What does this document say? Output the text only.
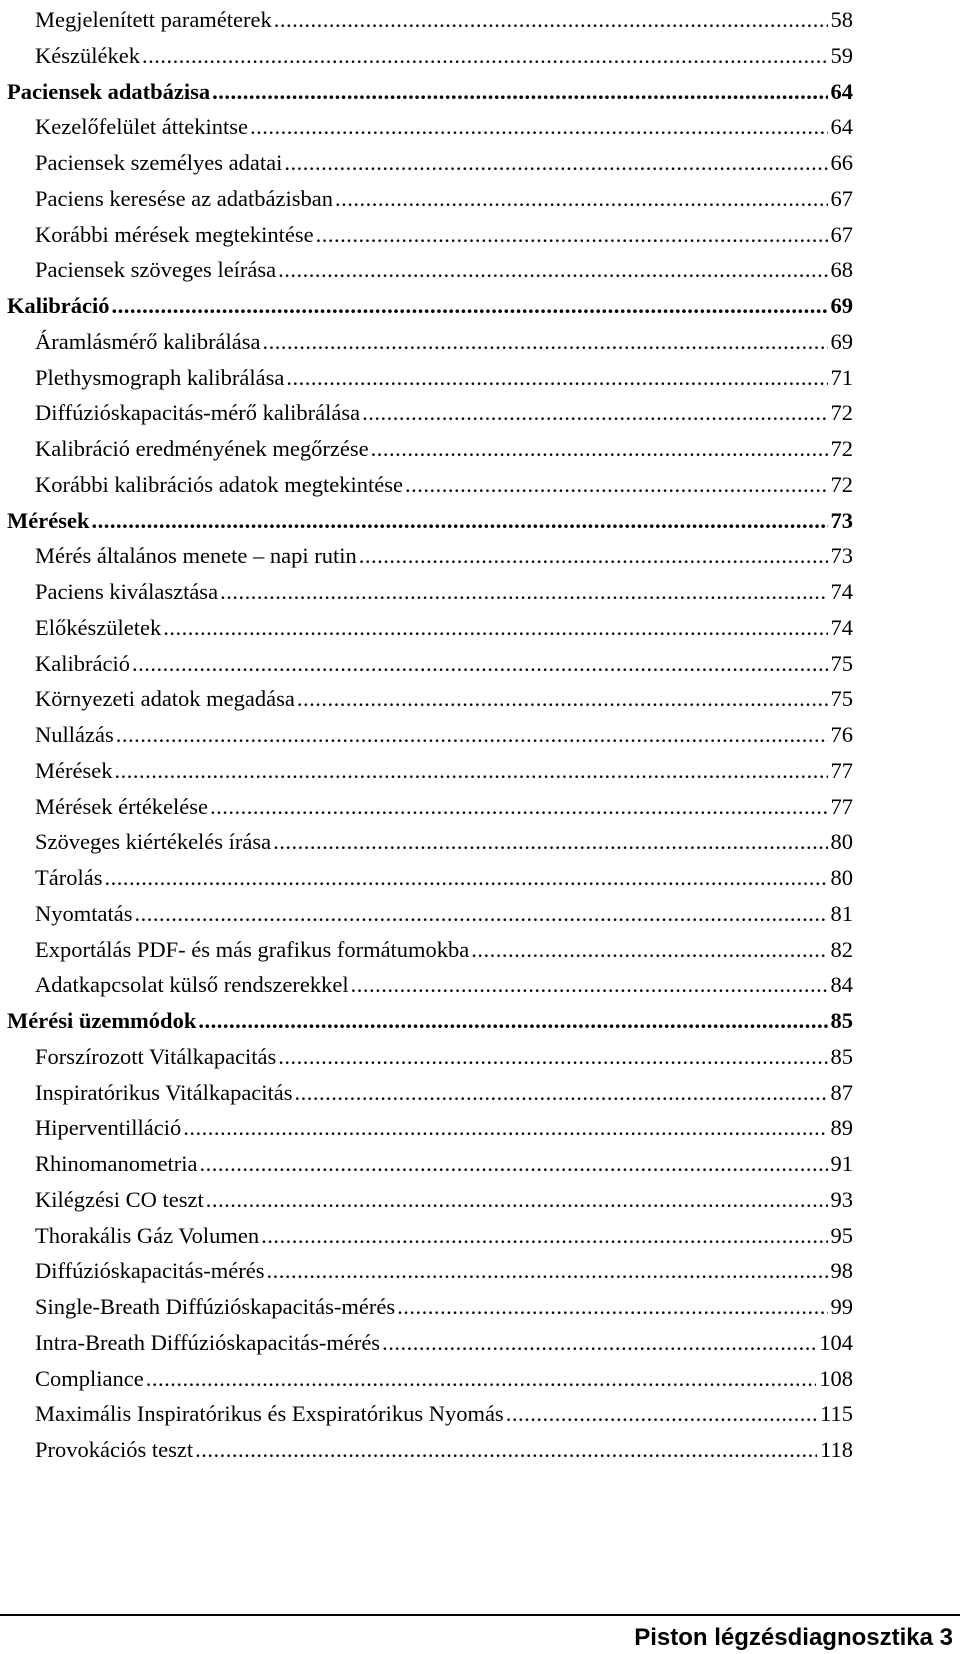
Megjelenített paraméterek .....	58
Készülékek .....	59
Paciensek adatbázisa .....	64
Kezelőfelület áttekintse .....	64
Paciensek személyes adatai .....	66
Paciens keresése az adatbázisban .....	67
Korábbi mérések megtekintése .....	67
Paciensek szöveges leírása .....	68
Kalibráció .....	69
Áramlásmérő kalibrálása .....	69
Plethysmograph kalibrálása .....	71
Diffúzióskapacitás-mérő kalibrálása .....	72
Kalibráció eredményének megőrzése .....	72
Korábbi kalibrációs adatok megtekintése .....	72
Mérések .....	73
Mérés általános menete – napi rutin .....	73
Paciens kiválasztása .....	74
Előkészületek .....	74
Kalibráció .....	75
Környezeti adatok megadása .....	75
Nullázás .....	76
Mérések .....	77
Mérések értékelése .....	77
Szöveges kiértékelés írása .....	80
Tárolás .....	80
Nyomtatás .....	81
Exportálás PDF- és más grafikus formátumokba .....	82
Adatkapcsolat külső rendszerekkel .....	84
Mérési üzemmódok .....	85
Forszírozott Vitálkapacitás .....	85
Inspiratórikus Vitálkapacitás .....	87
Hiperventilláció .....	89
Rhinomanometria .....	91
Kilégzési CO teszt .....	93
Thorakális Gáz Volumen .....	95
Diffúzióskapacitás-mérés .....	98
Single-Breath Diffúzióskapacitás-mérés .....	99
Intra-Breath Diffúzióskapacitás-mérés .....	104
Compliance .....	108
Maximális Inspiratórikus és Exspiratórikus Nyomás .....	115
Provokációs teszt .....	118
Piston légzésdiagnosztika 3
